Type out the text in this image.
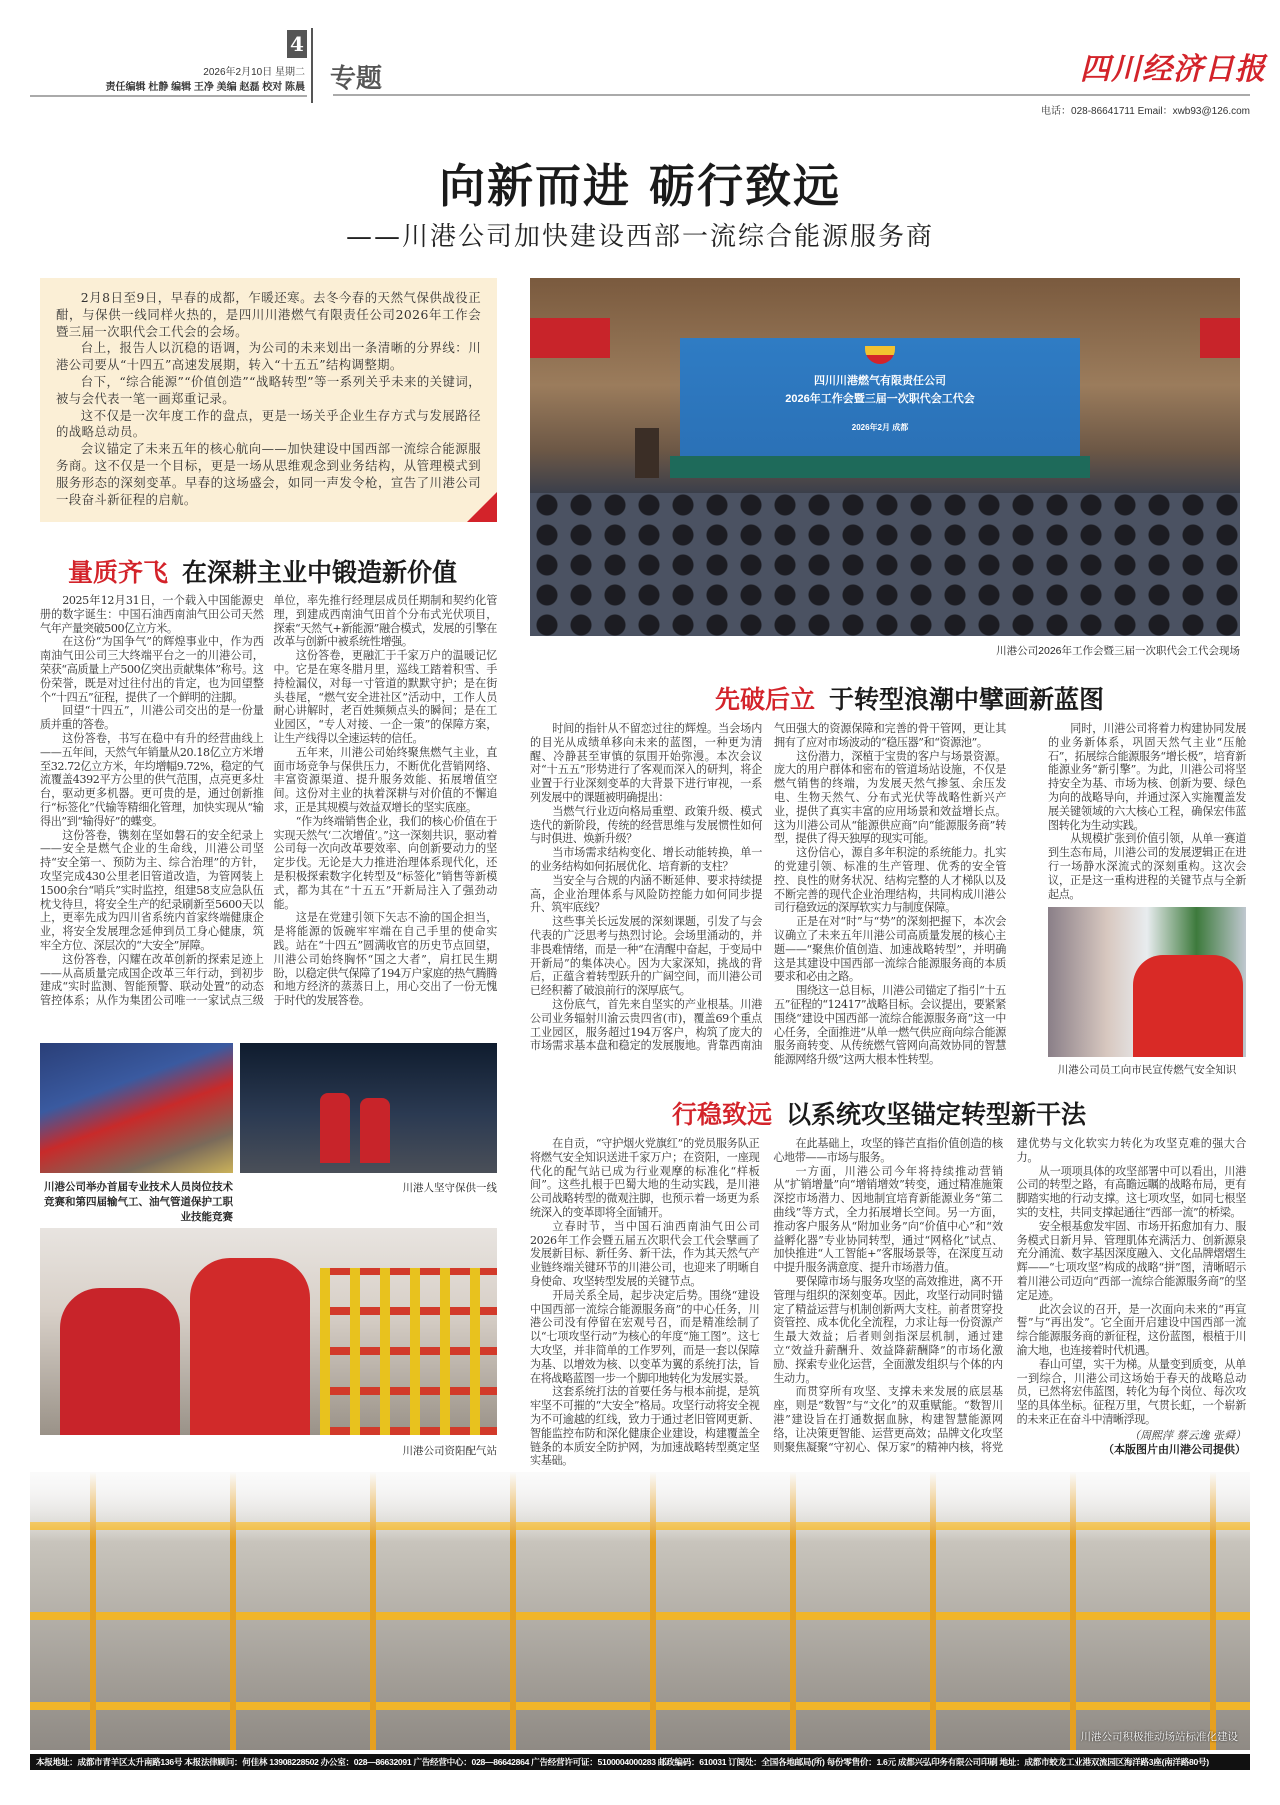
4
2026年2月10日 星期二
责任编辑 杜静 编辑 王净 美编 赵磊 校对 陈晨 专题	四川经济日报
电话：028-86641711 Email：xwb93@126.com
向新而进 砺行致远
——川港公司加快建设西部一流综合能源服务商

2月8日至9日，早春的成都，乍暖还寒。去冬今春的天然气保供战役正酣，与保供一线同样火热的，是四川川港燃气有限责任公司2026年工作会暨三届一次职代会工代会的会场。

台上，报告人以沉稳的语调，为公司的未来划出一条清晰的分界线：川港公司要从“十四五”高速发展期，转入“十五五”结构调整期。

台下，“综合能源”“价值创造”“战略转型”等一系列关乎未来的关键词，被与会代表一笔一画郑重记录。

这不仅是一次年度工作的盘点，更是一场关乎企业生存方式与发展路径的战略总动员。

会议锚定了未来五年的核心航向——加快建设中国西部一流综合能源服务商。这不仅是一个目标，更是一场从思维观念到业务结构，从管理模式到服务形态的深刻变革。早春的这场盛会，如同一声发令枪，宣告了川港公司一段奋斗新征程的启航。

四川川港燃气有限责任公司
2026年工作会暨三届一次职代会工代会
2026年2月 成都
川港公司2026年工作会暨三届一次职代会工代会现场
量质齐飞 在深耕主业中锻造新价值

2025年12月31日，一个载入中国能源史册的数字诞生：中国石油西南油气田公司天然气年产量突破500亿立方米。

在这份“为国争气”的辉煌事业中，作为西南油气田公司三大终端平台之一的川港公司，荣获“高质量上产500亿突出贡献集体”称号。这份荣誉，既是对过往付出的肯定，也为回望整个“十四五”征程，提供了一个鲜明的注脚。

回望“十四五”，川港公司交出的是一份量质并重的答卷。

这份答卷，书写在稳中有升的经营曲线上——五年间，天然气年销量从20.18亿立方米增至32.72亿立方米，年均增幅9.72%，稳定的气流覆盖4392平方公里的供气范围，点亮更多灶台，驱动更多机器。更可贵的是，通过创新推行“标签化”代输等精细化管理，加快实现从“输得出”到“输得好”的蝶变。

这份答卷，镌刻在坚如磐石的安全纪录上——安全是燃气企业的生命线，川港公司坚持“安全第一、预防为主、综合治理”的方针，攻坚完成430公里老旧管道改造，为管网装上1500余台“哨兵”实时监控，组建58支应急队伍枕戈待旦，将安全生产的纪录刷新至5600天以上，更率先成为四川省系统内首家终端健康企业，将安全发展理念延伸到员工身心健康，筑牢全方位、深层次的“大安全”屏障。

这份答卷，闪耀在改革创新的探索足迹上——从高质量完成国企改革三年行动，到初步建成“实时监测、智能预警、联动处置”的动态管控体系；从作为集团公司唯一一家试点三级单位，率先推行经理层成员任期制和契约化管理，到建成西南油气田首个分布式光伏项目，探索“天然气+新能源”融合模式，发展的引擎在改革与创新中被系统性增强。

这份答卷，更融汇于千家万户的温暖记忆中。它是在寒冬腊月里，巡线工踏着积雪、手持检漏仪，对每一寸管道的默默守护；是在街头巷尾，“燃气安全进社区”活动中，工作人员耐心讲解时，老百姓频频点头的瞬间；是在工业园区，“专人对接、一企一策”的保障方案，让生产线得以全速运转的信任。

五年来，川港公司始终聚焦燃气主业，直面市场竞争与保供压力，不断优化营销网络、丰富资源渠道、提升服务效能、拓展增值空间。这份对主业的执着深耕与对价值的不懈追求，正是其规模与效益双增长的坚实底座。

“作为终端销售企业，我们的核心价值在于实现天然气‘二次增值’。”这一深刻共识，驱动着公司每一次向改革要效率、向创新要动力的坚定步伐。无论是大力推进治理体系现代化，还是积极探索数字化转型及“标签化”销售等新模式，都为其在“十五五”开新局注入了强劲动能。

这是在党建引领下矢志不渝的国企担当，是将能源的饭碗牢牢端在自己手里的使命实践。站在“十四五”圆满收官的历史节点回望，川港公司始终胸怀“国之大者”，肩扛民生期盼，以稳定供气保障了194万户家庭的热气腾腾和地方经济的蒸蒸日上，用心交出了一份无愧于时代的发展答卷。

川港公司举办首届专业技术人员岗位技术竞赛和第四届输气工、油气管道保护工职业技能竞赛
川港人坚守保供一线
川港公司资阳配气站
先破后立 于转型浪潮中擘画新蓝图

时间的指针从不留恋过往的辉煌。当会场内的目光从成绩单移向未来的蓝图，一种更为清醒、冷静甚至审慎的氛围开始弥漫。本次会议对“十五五”形势进行了客观而深入的研判，将企业置于行业深刻变革的大背景下进行审视，一系列发展中的课题被明确提出：

当燃气行业迈向格局重塑、政策升级、模式迭代的新阶段，传统的经营思维与发展惯性如何与时俱进、焕新升级？

当市场需求结构变化、增长动能转换，单一的业务结构如何拓展优化、培育新的支柱？

当安全与合规的内涵不断延伸、要求持续提高，企业治理体系与风险防控能力如何同步提升、筑牢底线？

这些事关长远发展的深刻课题，引发了与会代表的广泛思考与热烈讨论。会场里涌动的，并非畏难情绪，而是一种“在清醒中奋起，于变局中开新局”的集体决心。因为大家深知，挑战的背后，正蕴含着转型跃升的广阔空间，而川港公司已经积蓄了破浪前行的深厚底气。

这份底气，首先来自坚实的产业根基。川港公司业务辐射川渝云贵四省(市)，覆盖69个重点工业园区，服务超过194万客户，构筑了庞大的市场需求基本盘和稳定的发展腹地。背靠西南油气田强大的资源保障和完善的骨干管网，更让其拥有了应对市场波动的“稳压器”和“资源池”。

这份潜力，深植于宝贵的客户与场景资源。庞大的用户群体和密布的管道场站设施，不仅是燃气销售的终端，为发展天然气掺氢、余压发电、生物天然气、分布式光伏等战略性新兴产业，提供了真实丰富的应用场景和效益增长点。这为川港公司从“能源供应商”向“能源服务商”转型，提供了得天独厚的现实可能。

这份信心，源自多年积淀的系统能力。扎实的党建引领、标准的生产管理、优秀的安全管控、良性的财务状况、结构完整的人才梯队以及不断完善的现代企业治理结构，共同构成川港公司行稳致远的深厚软实力与制度保障。

正是在对“时”与“势”的深刻把握下，本次会议确立了未来五年川港公司高质量发展的核心主题——“聚焦价值创造、加速战略转型”，并明确这是其建设中国西部一流综合能源服务商的本质要求和必由之路。

围绕这一总目标，川港公司锚定了指引“十五五”征程的“12417”战略目标。会议提出，要紧紧围绕“建设中国西部一流综合能源服务商”这一中心任务，全面推进“从单一燃气供应商向综合能源服务商转变、从传统燃气管网向高效协同的智慧能源网络升级”这两大根本性转型。

同时，川港公司将着力构建协同发展的业务新体系，巩固天然气主业“压舱石”，拓展综合能源服务“增长极”，培育新能源业务“新引擎”。为此，川港公司将坚持安全为基、市场为核、创新为要、绿色为向的战略导向，并通过深入实施覆盖发展关键领域的六大核心工程，确保宏伟蓝图转化为生动实践。

从规模扩张到价值引领，从单一赛道到生态布局，川港公司的发展逻辑正在进行一场静水深流式的深刻重构。这次会议，正是这一重构进程的关键节点与全新起点。

川港公司员工向市民宣传燃气安全知识
行稳致远 以系统攻坚锚定转型新干法

在自贡，“守护烟火党旗红”的党员服务队正将燃气安全知识送进千家万户；在资阳，一座现代化的配气站已成为行业观摩的标准化“样板间”。这些扎根于巴蜀大地的生动实践，是川港公司战略转型的微观注脚，也预示着一场更为系统深入的变革即将全面铺开。

立春时节，当中国石油西南油气田公司2026年工作会暨五届五次职代会工代会擘画了发展新目标、新任务、新干法，作为其天然气产业链终端关键环节的川港公司，也迎来了明晰自身使命、攻坚转型发展的关键节点。

开局关系全局，起步决定后势。围绕“建设中国西部一流综合能源服务商”的中心任务，川港公司没有停留在宏观号召，而是精准绘制了以“七项攻坚行动”为核心的年度“施工图”。这七大攻坚，并非简单的工作罗列，而是一套以保障为基、以增效为核、以变革为翼的系统打法，旨在将战略蓝图一步一个脚印地转化为发展实景。

这套系统打法的首要任务与根本前提，是筑牢坚不可摧的“大安全”格局。攻坚行动将安全视为不可逾越的红线，致力于通过老旧管网更新、智能监控布防和深化健康企业建设，构建覆盖全链条的本质安全防护网，为加速战略转型奠定坚实基础。

在此基础上，攻坚的锋芒直指价值创造的核心地带——市场与服务。

一方面，川港公司今年将持续推动营销从“扩销增量”向“增销增效”转变，通过精准施策深挖市场潜力、因地制宜培育新能源业务“第二曲线”等方式，全力拓展增长空间。另一方面，推动客户服务从“附加业务”向“价值中心”和“效益孵化器”专业协同转型，通过“网格化”试点、加快推进“人工智能+”客服场景等，在深度互动中提升服务满意度、提升市场潜力值。

要保障市场与服务攻坚的高效推进，离不开管理与组织的深刻变革。因此，攻坚行动同时锚定了精益运营与机制创新两大支柱。前者贯穿投资管控、成本优化全流程，力求让每一份资源产生最大效益；后者则剑指深层机制，通过建立“效益升薪酬升、效益降薪酬降”的市场化激励、探索专业化运营，全面激发组织与个体的内生动力。

而贯穿所有攻坚、支撑未来发展的底层基座，则是“数智”与“文化”的双重赋能。“数智川港”建设旨在打通数据血脉，构建智慧能源网络，让决策更智能、运营更高效；品牌文化攻坚则聚焦凝聚“守初心、保万家”的精神内核，将党建优势与文化软实力转化为攻坚克难的强大合力。

从一项项具体的攻坚部署中可以看出，川港公司的转型之路，有高瞻远瞩的战略布局，更有脚踏实地的行动支撑。这七项攻坚，如同七根坚实的支柱，共同支撑起通往“西部一流”的桥梁。

安全根基愈发牢固、市场开拓愈加有力、服务模式日新月异、管理肌体充满活力、创新源泉充分涌流、数字基因深度融入、文化品牌熠熠生辉——“七项攻坚”构成的战略“拼”图，清晰昭示着川港公司迈向“西部一流综合能源服务商”的坚定足迹。

此次会议的召开，是一次面向未来的“再宣誓”与“再出发”。它全面开启建设中国西部一流综合能源服务商的新征程，这份蓝图，根植于川渝大地，也连接着时代机遇。

春山可望，实干为梯。从量变到质变，从单一到综合，川港公司这场始于春天的战略总动员，已然将宏伟蓝图，转化为每个岗位、每次攻坚的具体坐标。征程万里，气贯长虹，一个崭新的未来正在奋斗中清晰浮现。

（周熙萍 蔡云逸 张舜）
（本版图片由川港公司提供）
川港公司积极推动场站标准化建设
本报地址：成都市青羊区太升南路136号 本报法律顾问：何佳林 13908228502 办公室：028—86632091 广告经营中心：028—86642864 广告经营许可证：5100004000283 邮政编码：610031 订阅处：全国各地邮局(所) 每份零售价：1.6元 成都兴弘印务有限公司印刷 地址：成都市蛟龙工业港双流园区海洋路3座(南洋路80号)
